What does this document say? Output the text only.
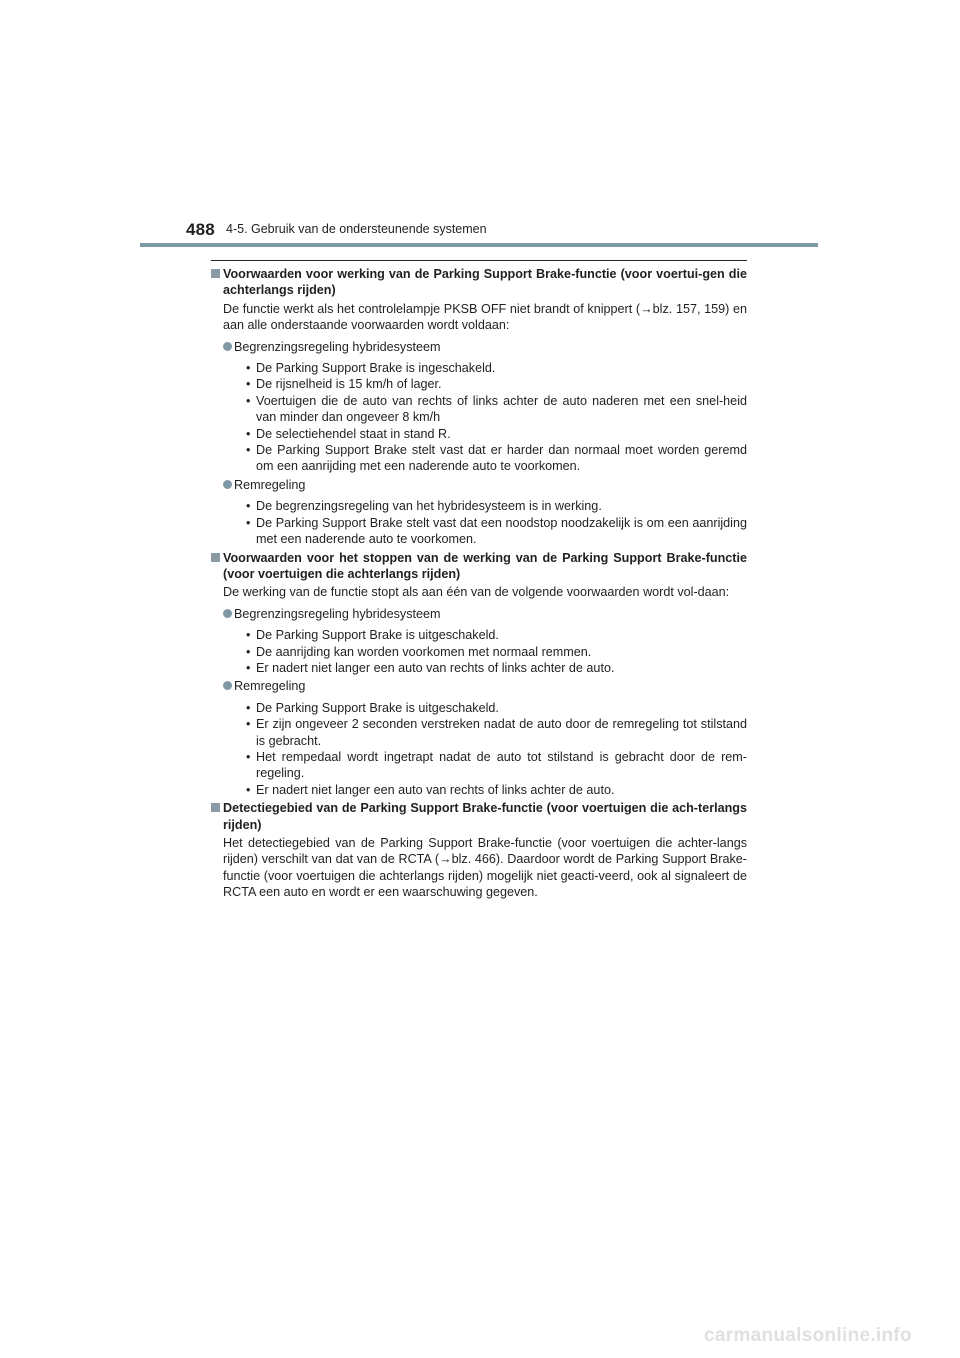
488 4-5. Gebruik van de ondersteunende systemen

Voorwaarden voor werking van de Parking Support Brake-functie (voor voertui-gen die achterlangs rijden)

De functie werkt als het controlelampje PKSB OFF niet brandt of knippert (→blz. 157, 159) en aan alle onderstaande voorwaarden wordt voldaan:

Begrenzingsregeling hybridesysteem
• De Parking Support Brake is ingeschakeld.
• De rijsnelheid is 15 km/h of lager.
• Voertuigen die de auto van rechts of links achter de auto naderen met een snel-heid van minder dan ongeveer 8 km/h
• De selectiehendel staat in stand R.
• De Parking Support Brake stelt vast dat er harder dan normaal moet worden geremd om een aanrijding met een naderende auto te voorkomen.
Remregeling
• De begrenzingsregeling van het hybridesysteem is in werking.
• De Parking Support Brake stelt vast dat een noodstop noodzakelijk is om een aanrijding met een naderende auto te voorkomen.

Voorwaarden voor het stoppen van de werking van de Parking Support Brake-functie (voor voertuigen die achterlangs rijden)

De werking van de functie stopt als aan één van de volgende voorwaarden wordt vol-daan:

Begrenzingsregeling hybridesysteem
• De Parking Support Brake is uitgeschakeld.
• De aanrijding kan worden voorkomen met normaal remmen.
• Er nadert niet langer een auto van rechts of links achter de auto.
Remregeling
• De Parking Support Brake is uitgeschakeld.
• Er zijn ongeveer 2 seconden verstreken nadat de auto door de remregeling tot stilstand is gebracht.
• Het rempedaal wordt ingetrapt nadat de auto tot stilstand is gebracht door de rem-regeling.
• Er nadert niet langer een auto van rechts of links achter de auto.

Detectiegebied van de Parking Support Brake-functie (voor voertuigen die ach-terlangs rijden)

Het detectiegebied van de Parking Support Brake-functie (voor voertuigen die achter-langs rijden) verschilt van dat van de RCTA (→blz. 466). Daardoor wordt de Parking Support Brake-functie (voor voertuigen die achterlangs rijden) mogelijk niet geacti-veerd, ook al signaleert de RCTA een auto en wordt er een waarschuwing gegeven.

carmanualsonline.info
